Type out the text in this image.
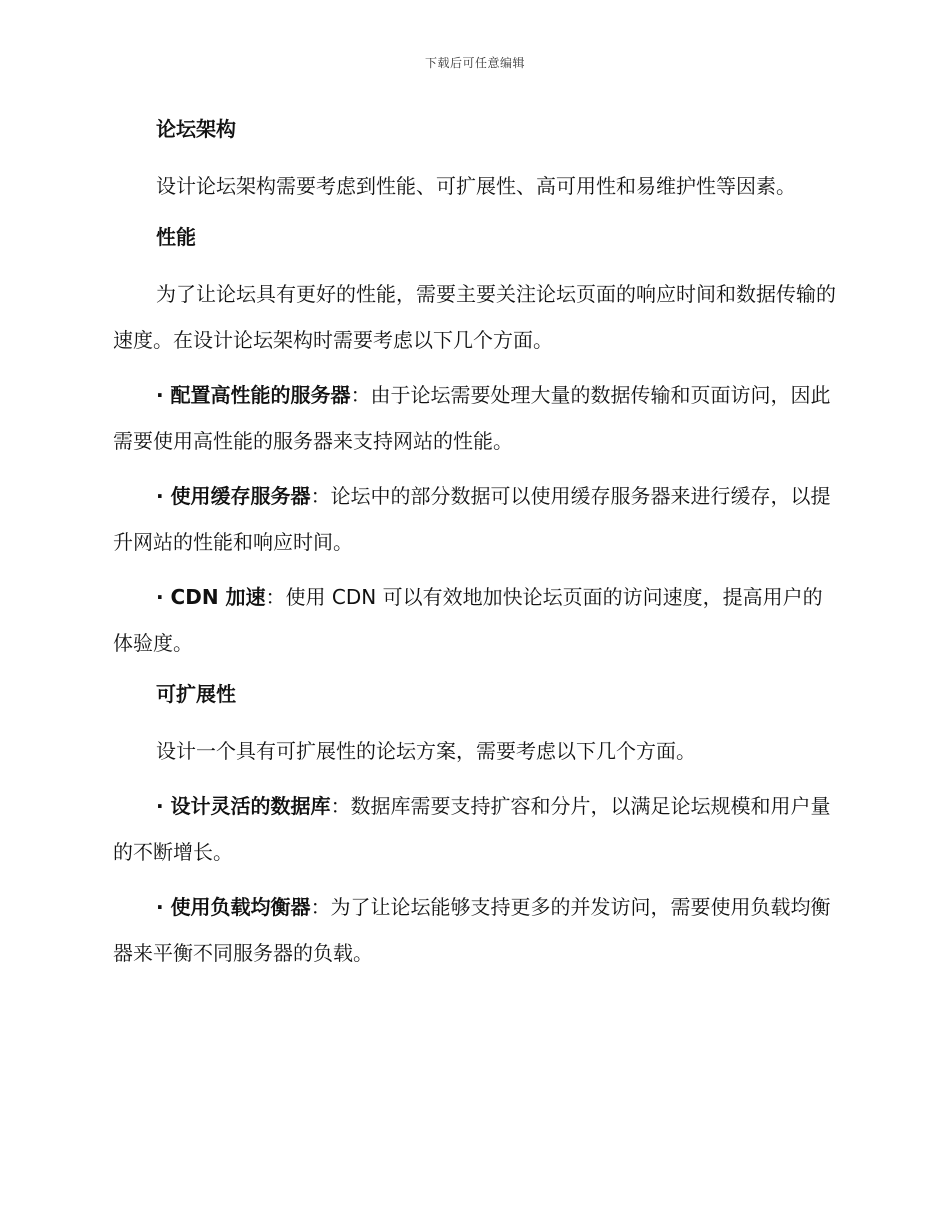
下载后可任意编辑
论坛架构

设计论坛架构需要考虑到性能、可扩展性、高可用性和易维护性等因素。

性能

为了让论坛具有更好的性能，需要主要关注论坛页面的响应时间和数据传输的速度。在设计论坛架构时需要考虑以下几个方面。

· 配置高性能的服务器：由于论坛需要处理大量的数据传输和页面访问，因此需要使用高性能的服务器来支持网站的性能。

· 使用缓存服务器：论坛中的部分数据可以使用缓存服务器来进行缓存，以提升网站的性能和响应时间。

· CDN 加速：使用 CDN 可以有效地加快论坛页面的访问速度，提高用户的体验度。

可扩展性

设计一个具有可扩展性的论坛方案，需要考虑以下几个方面。

· 设计灵活的数据库：数据库需要支持扩容和分片，以满足论坛规模和用户量的不断增长。

· 使用负载均衡器：为了让论坛能够支持更多的并发访问，需要使用负载均衡器来平衡不同服务器的负载。
